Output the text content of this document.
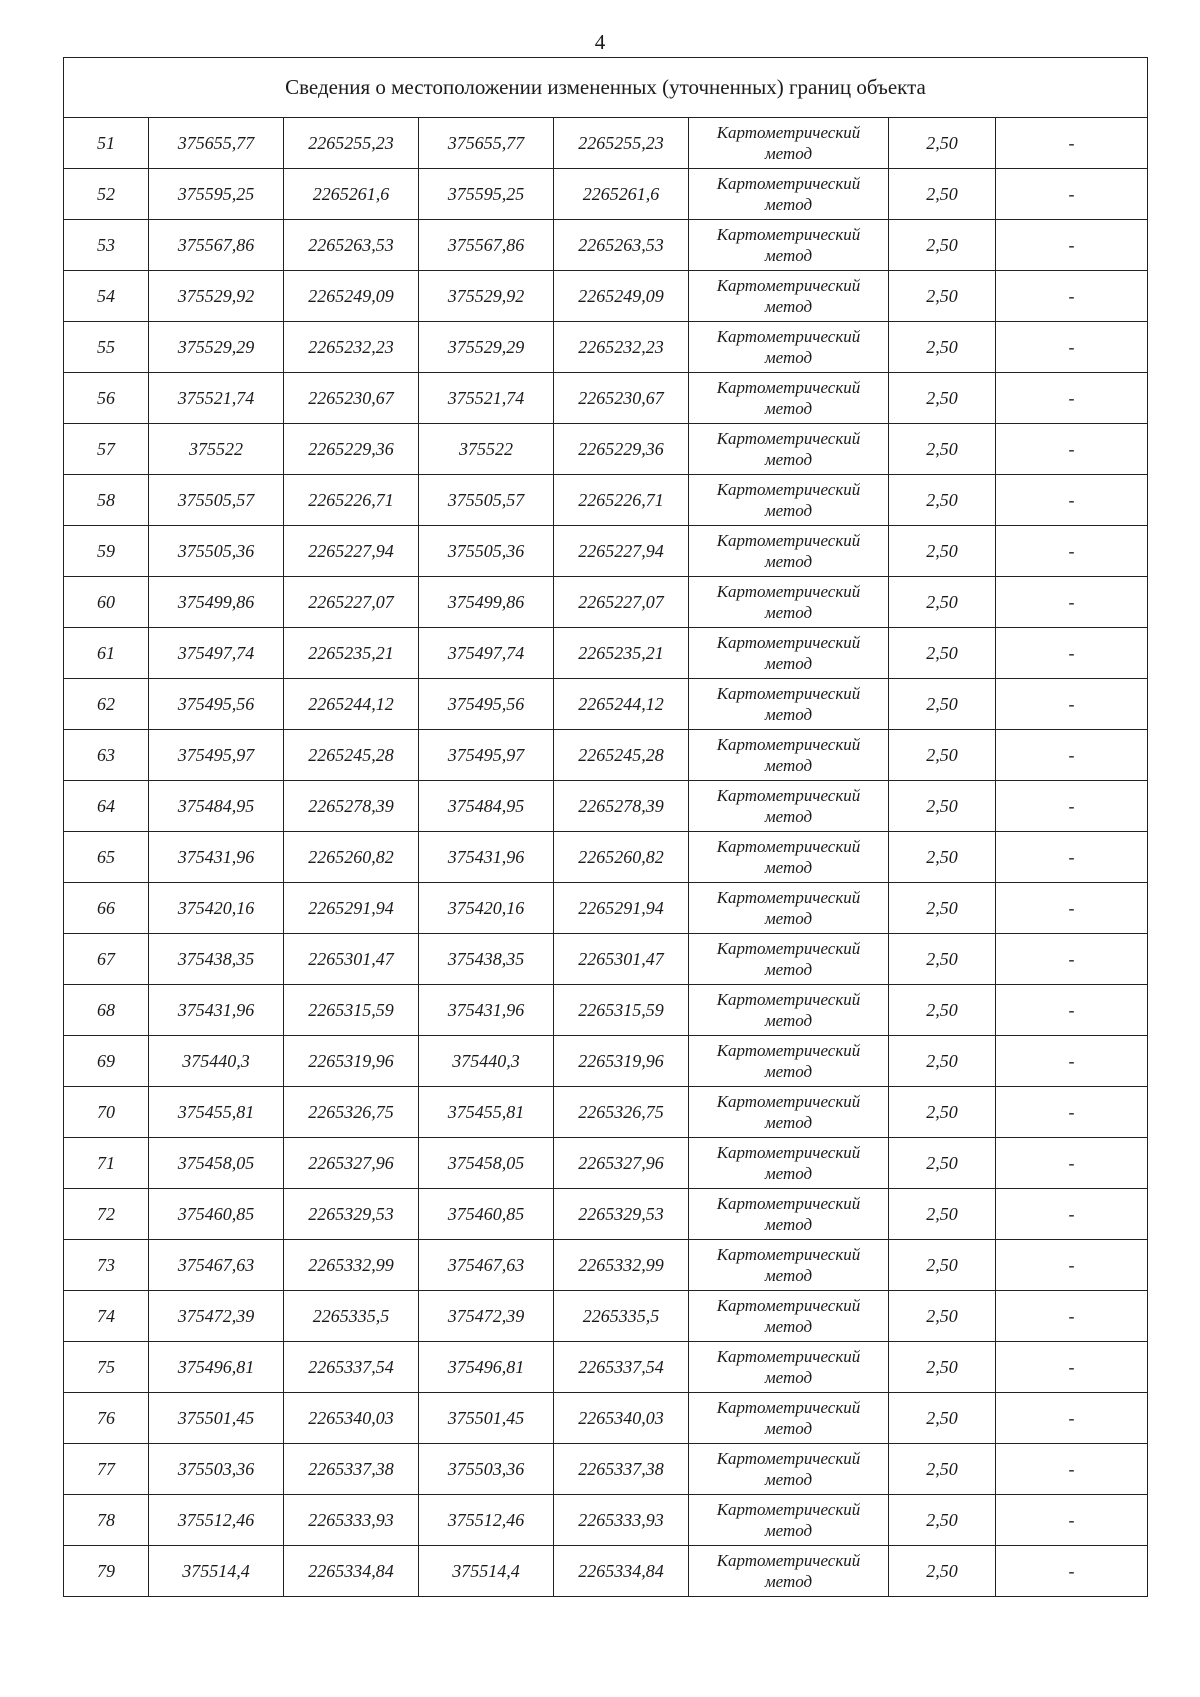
4
Сведения о местоположении измененных (уточненных) границ объекта							
51	375655,77	2265255,23	375655,77	2265255,23	Картометрический
метод	2,50	-
52	375595,25	2265261,6	375595,25	2265261,6	Картометрический
метод	2,50	-
53	375567,86	2265263,53	375567,86	2265263,53	Картометрический
метод	2,50	-
54	375529,92	2265249,09	375529,92	2265249,09	Картометрический
метод	2,50	-
55	375529,29	2265232,23	375529,29	2265232,23	Картометрический
метод	2,50	-
56	375521,74	2265230,67	375521,74	2265230,67	Картометрический
метод	2,50	-
57	375522	2265229,36	375522	2265229,36	Картометрический
метод	2,50	-
58	375505,57	2265226,71	375505,57	2265226,71	Картометрический
метод	2,50	-
59	375505,36	2265227,94	375505,36	2265227,94	Картометрический
метод	2,50	-
60	375499,86	2265227,07	375499,86	2265227,07	Картометрический
метод	2,50	-
61	375497,74	2265235,21	375497,74	2265235,21	Картометрический
метод	2,50	-
62	375495,56	2265244,12	375495,56	2265244,12	Картометрический
метод	2,50	-
63	375495,97	2265245,28	375495,97	2265245,28	Картометрический
метод	2,50	-
64	375484,95	2265278,39	375484,95	2265278,39	Картометрический
метод	2,50	-
65	375431,96	2265260,82	375431,96	2265260,82	Картометрический
метод	2,50	-
66	375420,16	2265291,94	375420,16	2265291,94	Картометрический
метод	2,50	-
67	375438,35	2265301,47	375438,35	2265301,47	Картометрический
метод	2,50	-
68	375431,96	2265315,59	375431,96	2265315,59	Картометрический
метод	2,50	-
69	375440,3	2265319,96	375440,3	2265319,96	Картометрический
метод	2,50	-
70	375455,81	2265326,75	375455,81	2265326,75	Картометрический
метод	2,50	-
71	375458,05	2265327,96	375458,05	2265327,96	Картометрический
метод	2,50	-
72	375460,85	2265329,53	375460,85	2265329,53	Картометрический
метод	2,50	-
73	375467,63	2265332,99	375467,63	2265332,99	Картометрический
метод	2,50	-
74	375472,39	2265335,5	375472,39	2265335,5	Картометрический
метод	2,50	-
75	375496,81	2265337,54	375496,81	2265337,54	Картометрический
метод	2,50	-
76	375501,45	2265340,03	375501,45	2265340,03	Картометрический
метод	2,50	-
77	375503,36	2265337,38	375503,36	2265337,38	Картометрический
метод	2,50	-
78	375512,46	2265333,93	375512,46	2265333,93	Картометрический
метод	2,50	-
79	375514,4	2265334,84	375514,4	2265334,84	Картометрический
метод	2,50	-
